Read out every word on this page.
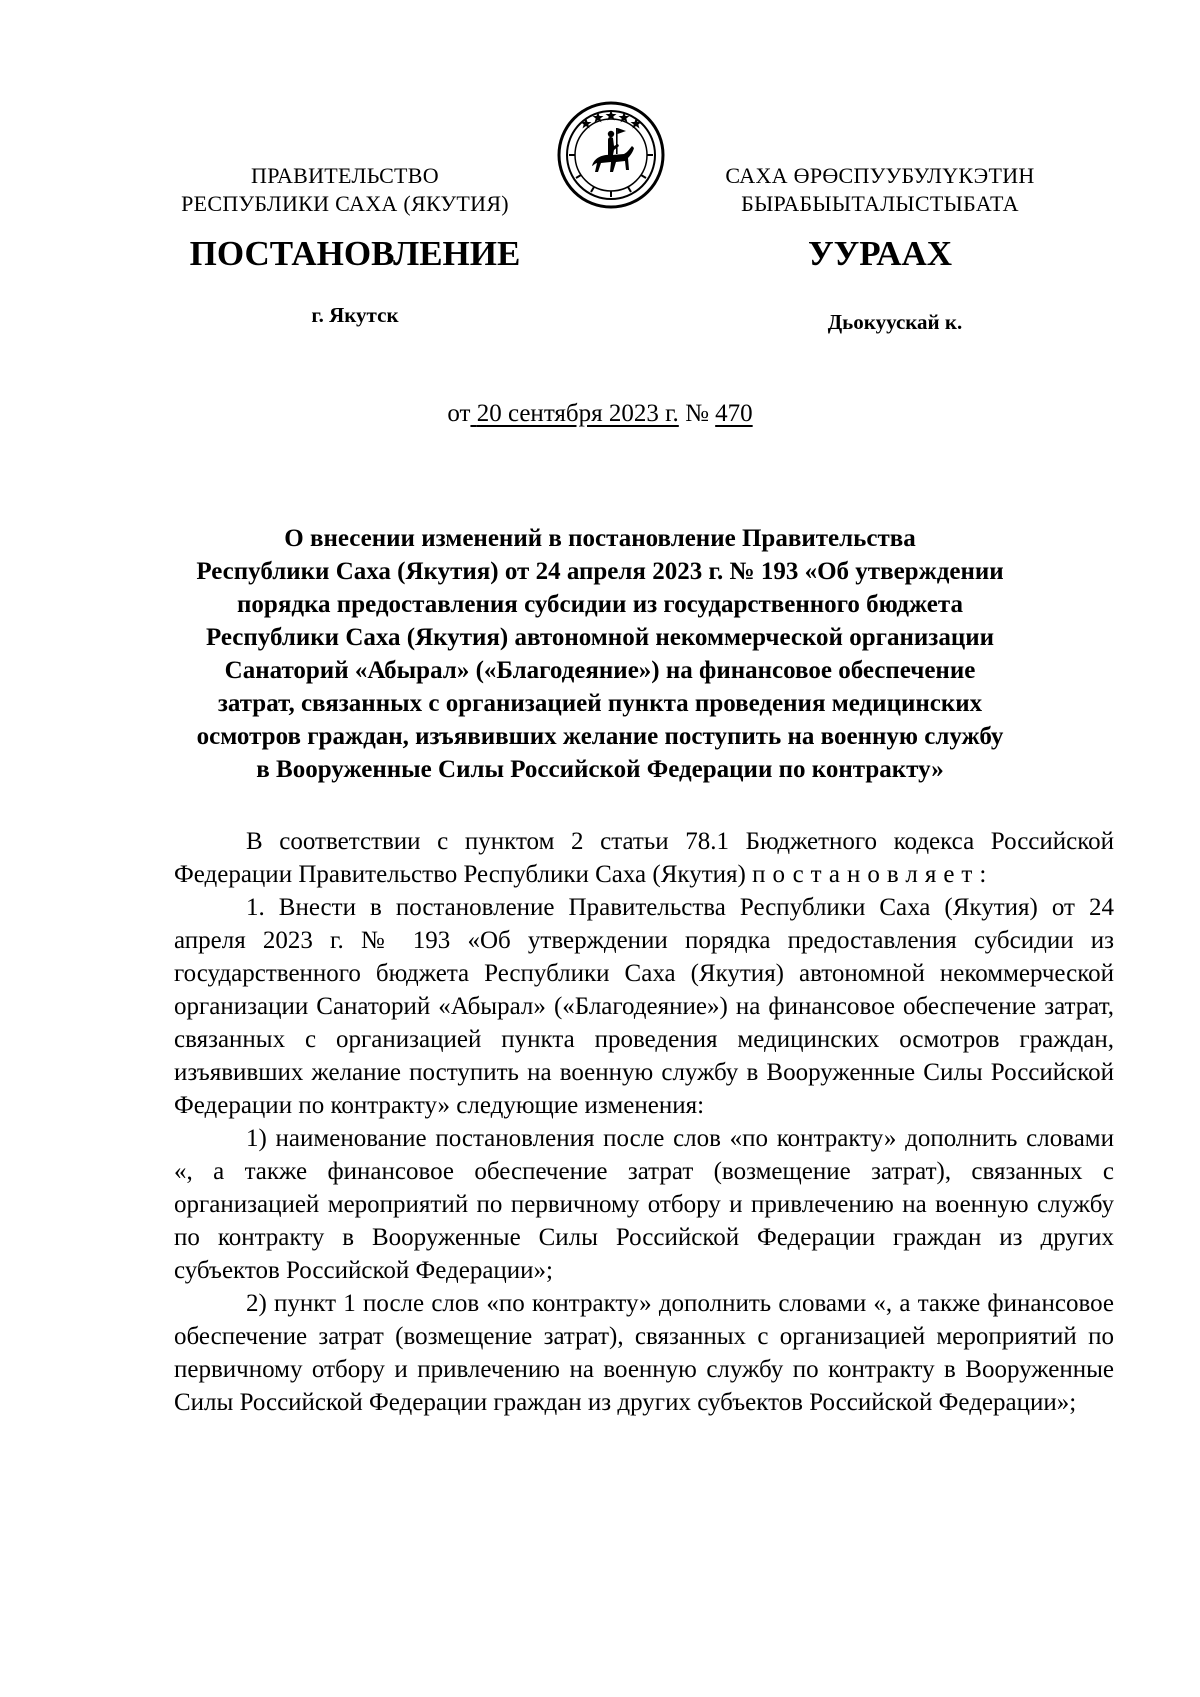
ПРАВИТЕЛЬСТВО
РЕСПУБЛИКИ САХА (ЯКУТИЯ)
САХА ӨРӨСПУУБУЛҮКЭТИН
БЫРАБЫЫТАЛЫСТЫБАТА
ПОСТАНОВЛЕНИЕ	УУРААХ
г. Якутск	Дьокуускай к.
от 20 сентября 2023 г. № 470
О внесении изменений в постановление Правительства
Республики Саха (Якутия) от 24 апреля 2023 г. № 193 «Об утверждении
порядка предоставления субсидии из государственного бюджета
Республики Саха (Якутия) автономной некоммерческой организации
Санаторий «Абырал» («Благодеяние») на финансовое обеспечение
затрат, связанных с организацией пункта проведения медицинских
осмотров граждан, изъявивших желание поступить на военную службу
в Вооруженные Силы Российской Федерации по контракту»

В соответствии с пунктом 2 статьи 78.1 Бюджетного кодекса Российской Федерации Правительство Республики Саха (Якутия) постановляет:

1. Внести в постановление Правительства Республики Саха (Якутия) от 24 апреля 2023 г. № 193 «Об утверждении порядка предоставления субсидии из государственного бюджета Республики Саха (Якутия) автономной некоммерческой организации Санаторий «Абырал» («Благодеяние») на финансовое обеспечение затрат, связанных с организацией пункта проведения медицинских осмотров граждан, изъявивших желание поступить на военную службу в Вооруженные Силы Российской Федерации по контракту» следующие изменения:

1) наименование постановления после слов «по контракту» дополнить словами «, а также финансовое обеспечение затрат (возмещение затрат), связанных с организацией мероприятий по первичному отбору и привлечению на военную службу по контракту в Вооруженные Силы Российской Федерации граждан из других субъектов Российской Федерации»;

2) пункт 1 после слов «по контракту» дополнить словами «, а также финансовое обеспечение затрат (возмещение затрат), связанных с организацией мероприятий по первичному отбору и привлечению на военную службу по контракту в Вооруженные Силы Российской Федерации граждан из других субъектов Российской Федерации»;
